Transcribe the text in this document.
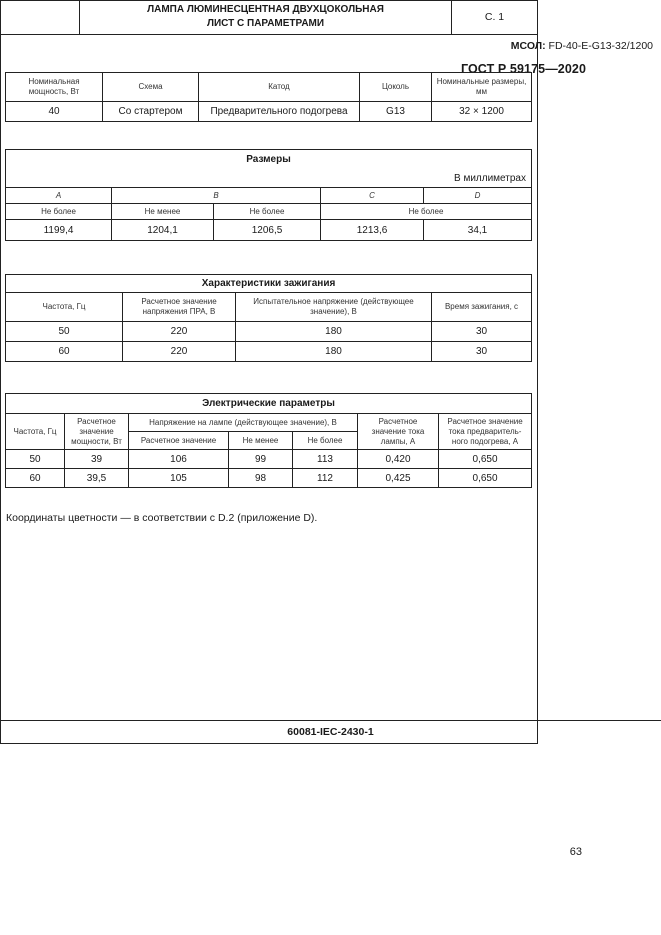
ГОСТ Р 59175—2020

ЛАМПА ЛЮМИНЕСЦЕНТНАЯ ДВУХЦОКОЛЬНАЯ
ЛИСТ С ПАРАМЕТРАМИ
	С. 1
МСОЛ: FD-40-E-G13-32/1200
Номинальная мощность, Вт	Схема	Катод	Цоколь	Номинальные размеры, мм
40	Со стартером	Предварительного подогрева	G13	32 × 1200
Размеры
В миллиметрах				

A	B		C	D
Не более	Не менее	Не более	Не более	
1199,4	1204,1	1206,5	1213,6	34,1
Характеристики зажигания			
Частота, Гц	Расчетное значение напряжения ПРА, В	Испытательное напряжение (действующее значение), В	Время зажигания, с
50	220	180	30
60	220	180	30
Электрические параметры						
Частота, Гц	Расчетное значение мощности, Вт	Напряжение на лампе (действующее значение), В			Расчетное значение тока лампы, А	Расчетное значение тока предваритель-ного подогрева, А
		Расчетное значение	Не менее	Не более		
50	39	106	99	113	0,420	0,650
60	39,5	105	98	112	0,425	0,650
Координаты цветности — в соответствии с D.2 (приложение D).
60081-IEC-2430-1
63
